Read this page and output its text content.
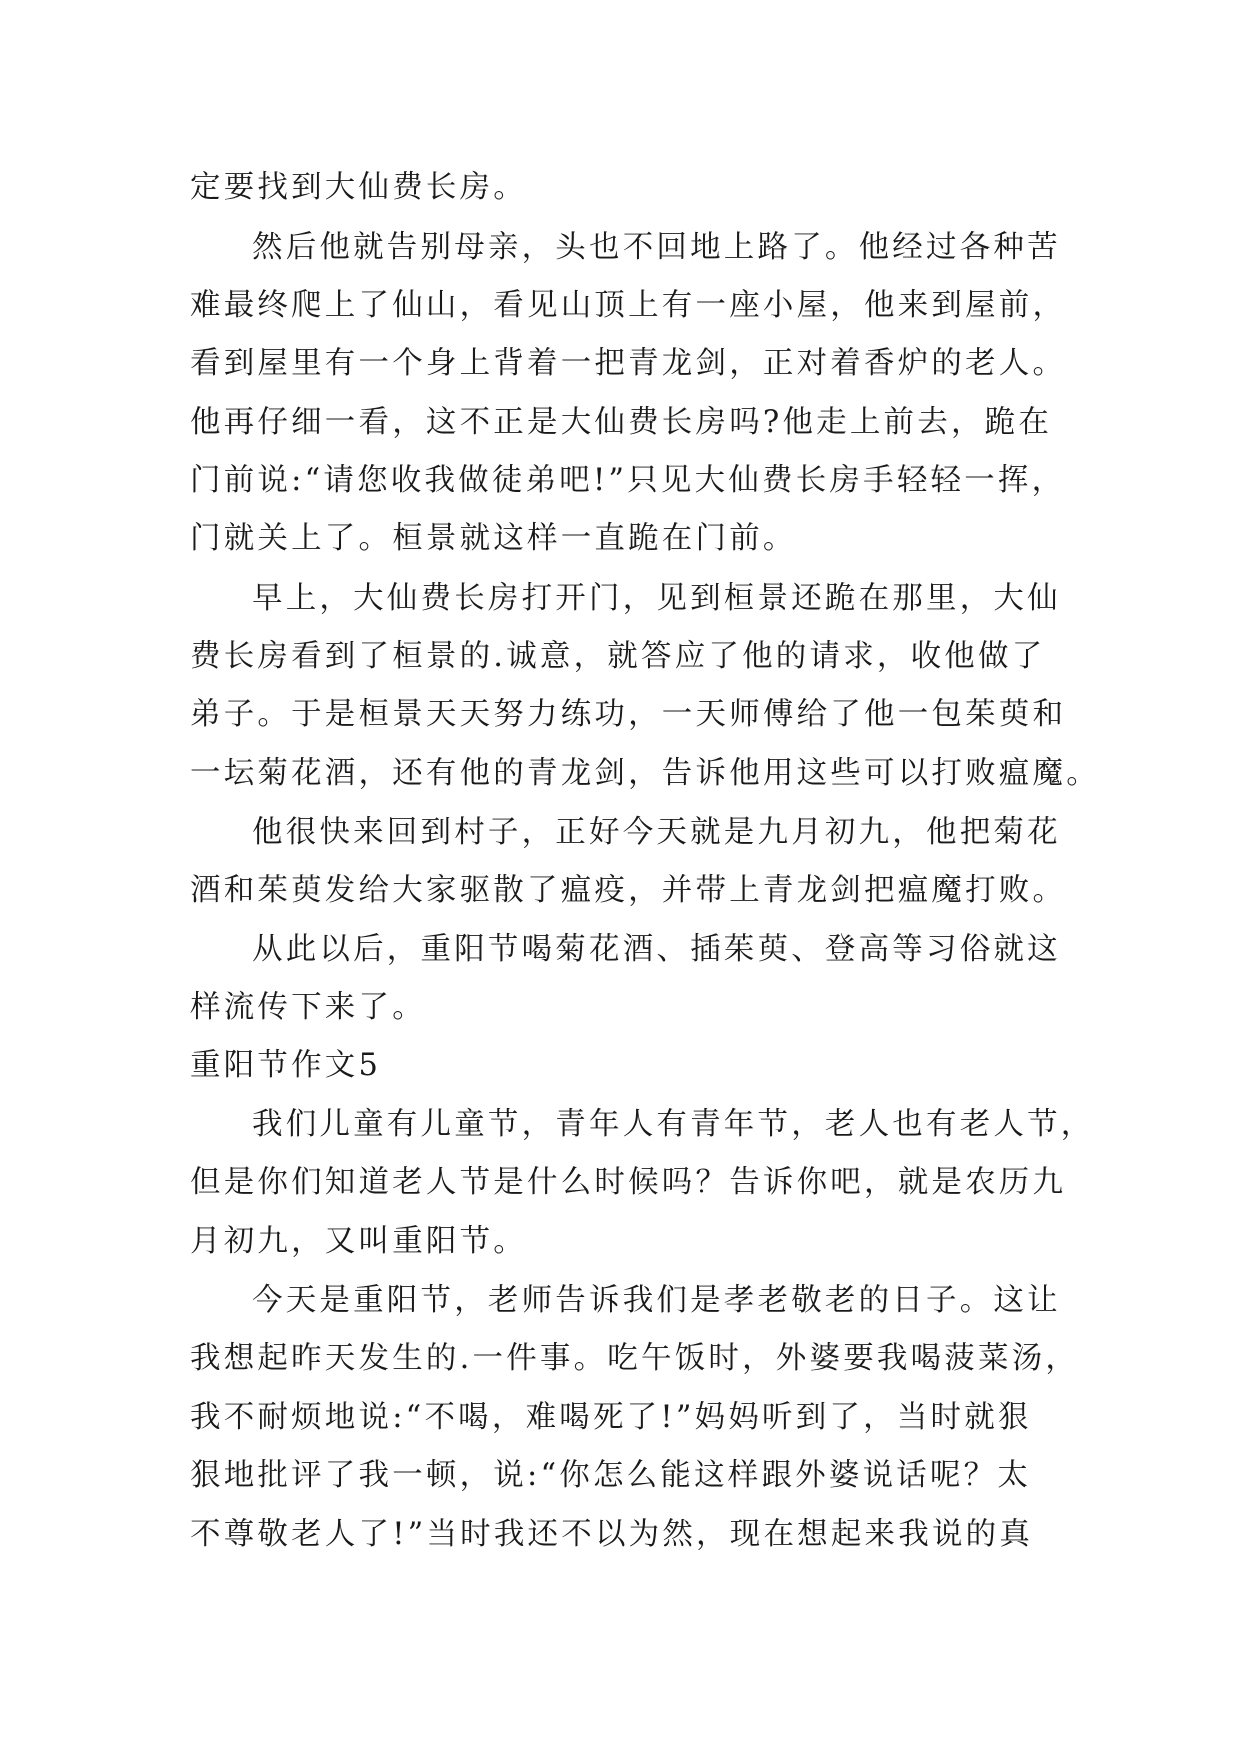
定要找到大仙费长房。
然后他就告别母亲，头也不回地上路了。他经过各种苦
难最终爬上了仙山，看见山顶上有一座小屋，他来到屋前，
看到屋里有一个身上背着一把青龙剑，正对着香炉的老人。
他再仔细一看，这不正是大仙费长房吗?他走上前去，跪在
门前说:“请您收我做徒弟吧!”只见大仙费长房手轻轻一挥，
门就关上了。桓景就这样一直跪在门前。
早上，大仙费长房打开门，见到桓景还跪在那里，大仙
费长房看到了桓景的.诚意，就答应了他的请求，收他做了
弟子。于是桓景天天努力练功，一天师傅给了他一包茱萸和
一坛菊花酒，还有他的青龙剑，告诉他用这些可以打败瘟魔。
他很快来回到村子，正好今天就是九月初九，他把菊花
酒和茱萸发给大家驱散了瘟疫，并带上青龙剑把瘟魔打败。
从此以后，重阳节喝菊花酒、插茱萸、登高等习俗就这
样流传下来了。
重阳节作文5
我们儿童有儿童节，青年人有青年节，老人也有老人节，
但是你们知道老人节是什么时候吗？告诉你吧，就是农历九
月初九，又叫重阳节。
今天是重阳节，老师告诉我们是孝老敬老的日子。这让
我想起昨天发生的.一件事。吃午饭时，外婆要我喝菠菜汤，
我不耐烦地说:“不喝，难喝死了!”妈妈听到了，当时就狠
狠地批评了我一顿，说:“你怎么能这样跟外婆说话呢？太
不尊敬老人了!”当时我还不以为然，现在想起来我说的真
